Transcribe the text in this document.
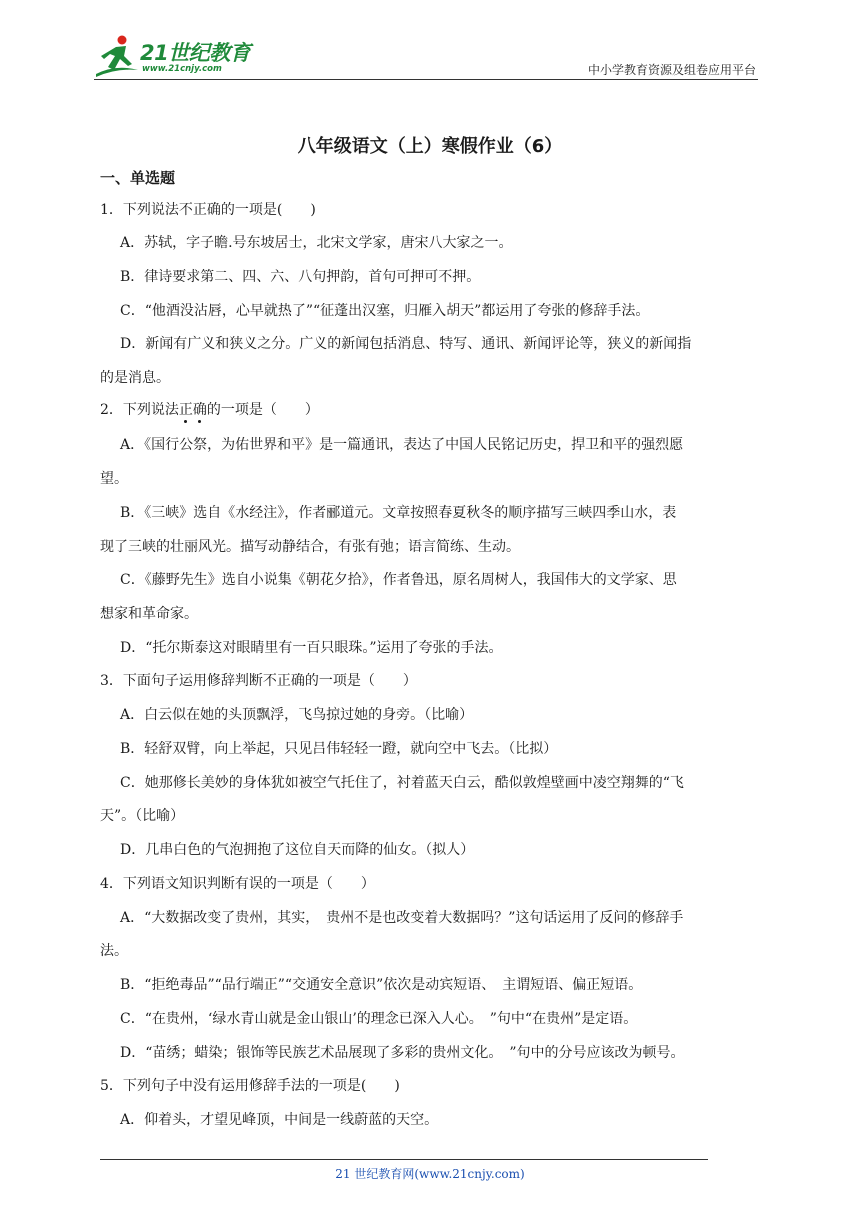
21世纪教育
www.21cnjy.com	中小学教育资源及组卷应用平台
八年级语文（上）寒假作业（6）
一、单选题
1．下列说法不正确的一项是(　　)
A．苏轼，字子瞻.号东坡居士，北宋文学家，唐宋八大家之一。
B．律诗要求第二、四、六、八句押韵，首句可押可不押。
C．“他酒没沾唇，心早就热了”“征蓬出汉塞，归雁入胡天”都运用了夸张的修辞手法。
D．新闻有广义和狭义之分。广义的新闻包括消息、特写、通讯、新闻评论等，狭义的新闻指
的是消息。
2．下列说法正确的一项是（　　）
A．《国行公祭，为佑世界和平》是一篇通讯，表达了中国人民铭记历史，捍卫和平的强烈愿
望。
B．《三峡》选自《水经注》，作者郦道元。文章按照春夏秋冬的顺序描写三峡四季山水，表
现了三峡的壮丽风光。描写动静结合，有张有弛；语言简练、生动。
C．《藤野先生》选自小说集《朝花夕拾》，作者鲁迅，原名周树人，我国伟大的文学家、思
想家和革命家。
D．“托尔斯泰这对眼睛里有一百只眼珠。”运用了夸张的手法。
3．下面句子运用修辞判断不正确的一项是（　　）
A．白云似在她的头顶飘浮，飞鸟掠过她的身旁。（比喻）
B．轻舒双臂，向上举起，只见吕伟轻轻一蹬，就向空中飞去。（比拟）
C．她那修长美妙的身体犹如被空气托住了，衬着蓝天白云，酷似敦煌壁画中凌空翔舞的“飞
天”。（比喻）
D．几串白色的气泡拥抱了这位自天而降的仙女。（拟人）
4．下列语文知识判断有误的一项是（　　）
A．“大数据改变了贵州，其实，　贵州不是也改变着大数据吗？”这句话运用了反问的修辞手
法。
B．“拒绝毒品”“品行端正”“交通安全意识”依次是动宾短语、　主谓短语、偏正短语。
C．“在贵州，‘绿水青山就是金山银山’的理念已深入人心。　”句中“在贵州”是定语。
D．“苗绣；蜡染；银饰等民族艺术品展现了多彩的贵州文化。　”句中的分号应该改为顿号。
5．下列句子中没有运用修辞手法的一项是(　　)
A．仰着头，才望见峰顶，中间是一线蔚蓝的天空。
21 世纪教育网(www.21cnjy.com)
